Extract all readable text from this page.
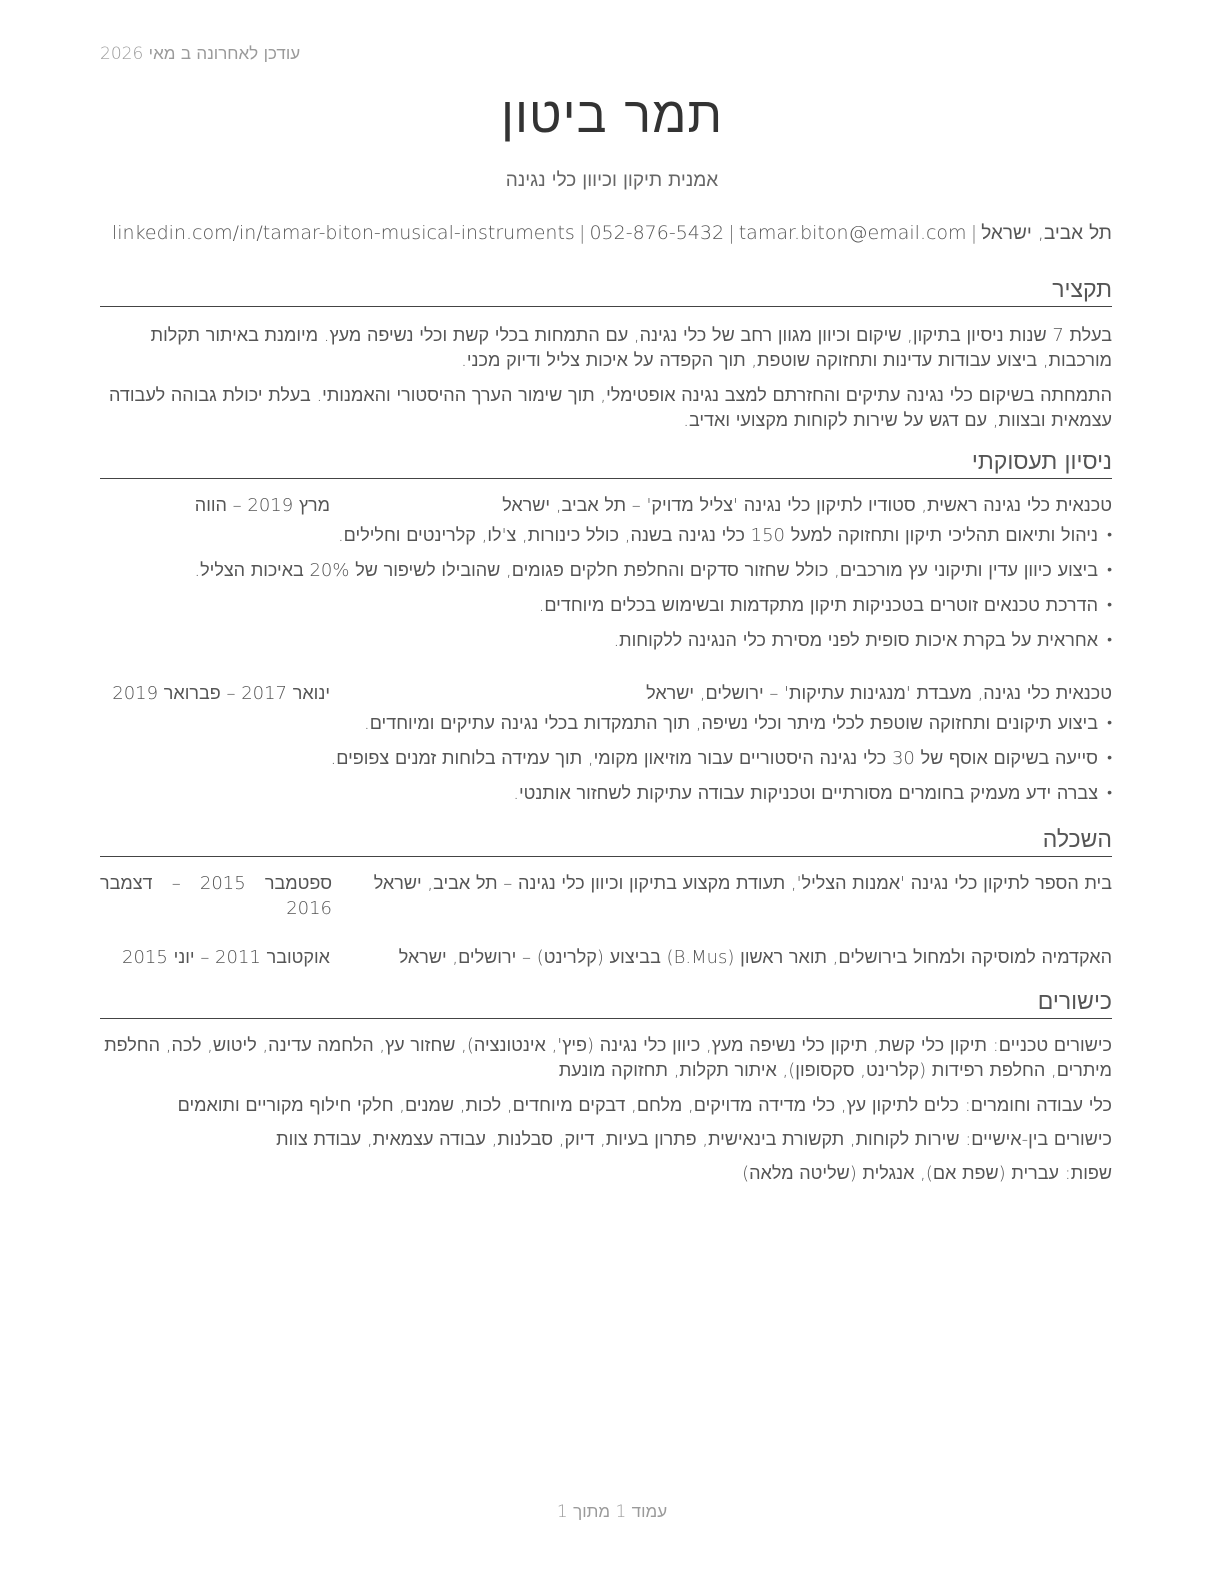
עודכן לאחרונה ב מאי 2026
תמר ביטון
אמנית תיקון וכיוון כלי נגינה
תל אביב, ישראל
|
tamar.biton@email.com
|
052-876-5432
|
linkedin.com/in/tamar-biton-musical-instruments
תקציר

בעלת 7 שנות ניסיון בתיקון, שיקום וכיוון מגוון רחב של כלי נגינה, עם התמחות בכלי קשת וכלי נשיפה מעץ. מיומנת באיתור תקלות מורכבות, ביצוע עבודות עדינות ותחזוקה שוטפת, תוך הקפדה על איכות צליל ודיוק מכני.

התמחתה בשיקום כלי נגינה עתיקים והחזרתם למצב נגינה אופטימלי, תוך שימור הערך ההיסטורי והאמנותי. בעלת יכולת גבוהה לעבודה עצמאית ובצוות, עם דגש על שירות לקוחות מקצועי ואדיב.

ניסיון תעסוקתי
טכנאית כלי נגינה ראשית, סטודיו לתיקון כלי נגינה 'צליל מדויק' – תל אביב, ישראל
מרץ 2019 – הווה
• ניהול ותיאום תהליכי תיקון ותחזוקה למעל 150 כלי נגינה בשנה, כולל כינורות, צ'לו, קלרינטים וחלילים.
• ביצוע כיוון עדין ותיקוני עץ מורכבים, כולל שחזור סדקים והחלפת חלקים פגומים, שהובילו לשיפור של 20% באיכות הצליל.
• הדרכת טכנאים זוטרים בטכניקות תיקון מתקדמות ובשימוש בכלים מיוחדים.
• אחראית על בקרת איכות סופית לפני מסירת כלי הנגינה ללקוחות.
טכנאית כלי נגינה, מעבדת 'מנגינות עתיקות' – ירושלים, ישראל
ינואר 2017 – פברואר 2019
• ביצוע תיקונים ותחזוקה שוטפת לכלי מיתר וכלי נשיפה, תוך התמקדות בכלי נגינה עתיקים ומיוחדים.
• סייעה בשיקום אוסף של 30 כלי נגינה היסטוריים עבור מוזיאון מקומי, תוך עמידה בלוחות זמנים צפופים.
• צברה ידע מעמיק בחומרים מסורתיים וטכניקות עבודה עתיקות לשחזור אותנטי.
השכלה
בית הספר לתיקון כלי נגינה 'אמנות הצליל', תעודת מקצוע בתיקון וכיוון כלי נגינה – תל אביב, ישראל
ספטמבר 2015 – דצמבר 2016
האקדמיה למוסיקה ולמחול בירושלים, תואר ראשון (B.Mus) בביצוע (קלרינט) – ירושלים, ישראל
אוקטובר 2011 – יוני 2015
כישורים

כישורים טכניים: תיקון כלי קשת, תיקון כלי נשיפה מעץ, כיוון כלי נגינה (פיץ', אינטונציה), שחזור עץ, הלחמה עדינה, ליטוש, לכה, החלפת מיתרים, החלפת רפידות (קלרינט, סקסופון), איתור תקלות, תחזוקה מונעת

כלי עבודה וחומרים: כלים לתיקון עץ, כלי מדידה מדויקים, מלחם, דבקים מיוחדים, לכות, שמנים, חלקי חילוף מקוריים ותואמים

כישורים בין-אישיים: שירות לקוחות, תקשורת בינאישית, פתרון בעיות, דיוק, סבלנות, עבודה עצמאית, עבודת צוות

שפות: עברית (שפת אם), אנגלית (שליטה מלאה)

עמוד 1 מתוך 1
